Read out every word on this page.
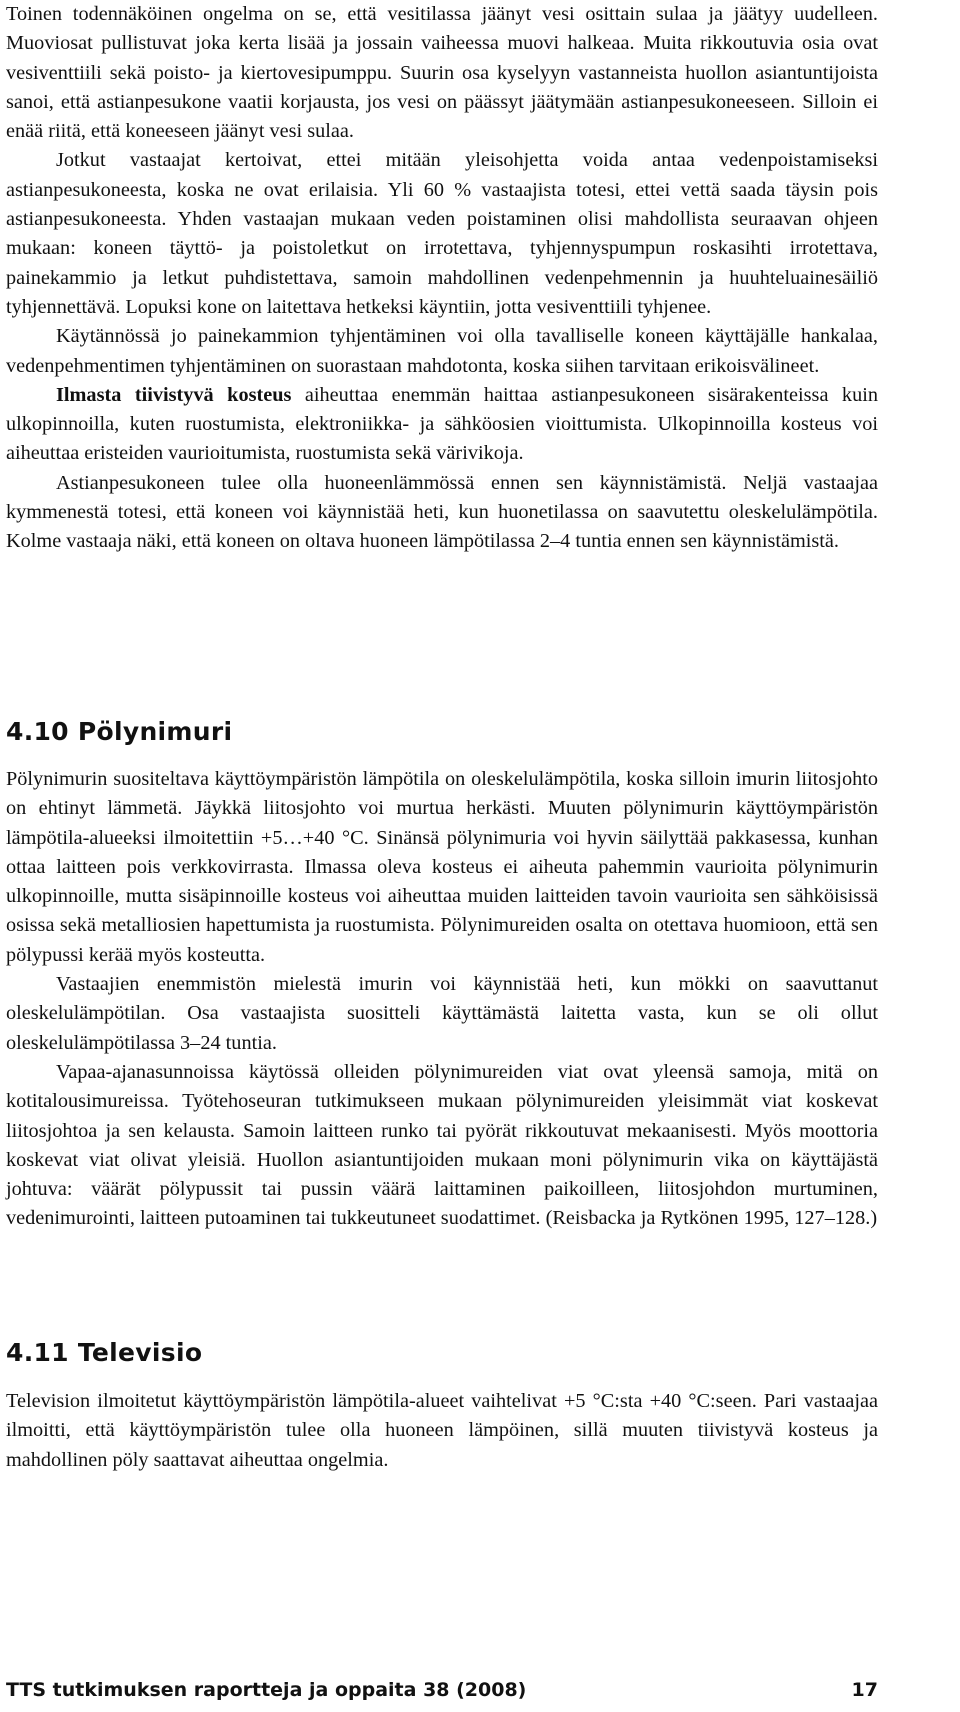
Toinen todennäköinen ongelma on se, että vesitilassa jäänyt vesi osittain sulaa ja jäätyy uudelleen. Muoviosat pullistuvat joka kerta lisää ja jossain vaiheessa muovi halkeaa. Muita rikkoutuvia osia ovat vesiventtiili sekä poisto- ja kiertovesipumppu. Suurin osa kyselyyn vastanneista huollon asiantuntijoista sanoi, että astianpesukone vaatii korjausta, jos vesi on päässyt jäätymään astianpesukoneeseen. Silloin ei enää riitä, että koneeseen jäänyt vesi sulaa.

Jotkut vastaajat kertoivat, ettei mitään yleisohjetta voida antaa vedenpoistamiseksi astianpesukoneesta, koska ne ovat erilaisia. Yli 60 % vastaajista totesi, ettei vettä saada täysin pois astianpesukoneesta. Yhden vastaajan mukaan veden poistaminen olisi mahdollista seuraavan ohjeen mukaan: koneen täyttö- ja poistoletkut on irrotettava, tyhjennyspumpun roskasihti irrotettava, painekammio ja letkut puhdistettava, samoin mahdollinen vedenpehmennin ja huuhteluainesäiliö tyhjennettävä. Lopuksi kone on laitettava hetkeksi käyntiin, jotta vesiventtiili tyhjenee.

Käytännössä jo painekammion tyhjentäminen voi olla tavalliselle koneen käyttäjälle hankalaa, vedenpehmentimen tyhjentäminen on suorastaan mahdotonta, koska siihen tarvitaan erikoisvälineet.

Ilmasta tiivistyvä kosteus aiheuttaa enemmän haittaa astianpesukoneen sisärakenteissa kuin ulkopinnoilla, kuten ruostumista, elektroniikka- ja sähköosien vioittumista. Ulkopinnoilla kosteus voi aiheuttaa eristeiden vaurioitumista, ruostumista sekä värivikoja.

Astianpesukoneen tulee olla huoneenlämmössä ennen sen käynnistämistä. Neljä vastaajaa kymmenestä totesi, että koneen voi käynnistää heti, kun huonetilassa on saavutettu oleskelulämpötila. Kolme vastaaja näki, että koneen on oltava huoneen lämpötilassa 2–4 tuntia ennen sen käynnistämistä.

4.10 Pölynimuri

Pölynimurin suositeltava käyttöympäristön lämpötila on oleskelulämpötila, koska silloin imurin liitosjohto on ehtinyt lämmetä. Jäykkä liitosjohto voi murtua herkästi. Muuten pölynimurin käyttöympäristön lämpötila-alueeksi ilmoitettiin +5…+40 °C. Sinänsä pölynimuria voi hyvin säilyttää pakkasessa, kunhan ottaa laitteen pois verkkovirrasta. Ilmassa oleva kosteus ei aiheuta pahemmin vaurioita pölynimurin ulkopinnoille, mutta sisäpinnoille kosteus voi aiheuttaa muiden laitteiden tavoin vaurioita sen sähköisissä osissa sekä metalliosien hapettumista ja ruostumista. Pölynimureiden osalta on otettava huomioon, että sen pölypussi kerää myös kosteutta.

Vastaajien enemmistön mielestä imurin voi käynnistää heti, kun mökki on saavuttanut oleskelulämpötilan. Osa vastaajista suositteli käyttämästä laitetta vasta, kun se oli ollut oleskelulämpötilassa 3–24 tuntia.

Vapaa-ajanasunnoissa käytössä olleiden pölynimureiden viat ovat yleensä samoja, mitä on kotitalousimureissa. Työtehoseuran tutkimukseen mukaan pölynimureiden yleisimmät viat koskevat liitosjohtoa ja sen kelausta. Samoin laitteen runko tai pyörät rikkoutuvat mekaanisesti. Myös moottoria koskevat viat olivat yleisiä. Huollon asiantuntijoiden mukaan moni pölynimurin vika on käyttäjästä johtuva: väärät pölypussit tai pussin väärä laittaminen paikoilleen, liitosjohdon murtuminen, vedenimurointi, laitteen putoaminen tai tukkeutuneet suodattimet. (Reisbacka ja Rytkönen 1995, 127–128.)

4.11 Televisio

Television ilmoitetut käyttöympäristön lämpötila-alueet vaihtelivat +5 °C:sta +40 °C:seen. Pari vastaajaa ilmoitti, että käyttöympäristön tulee olla huoneen lämpöinen, sillä muuten tiivistyvä kosteus ja mahdollinen pöly saattavat aiheuttaa ongelmia.

TTS tutkimuksen raportteja ja oppaita 38 (2008)	17
